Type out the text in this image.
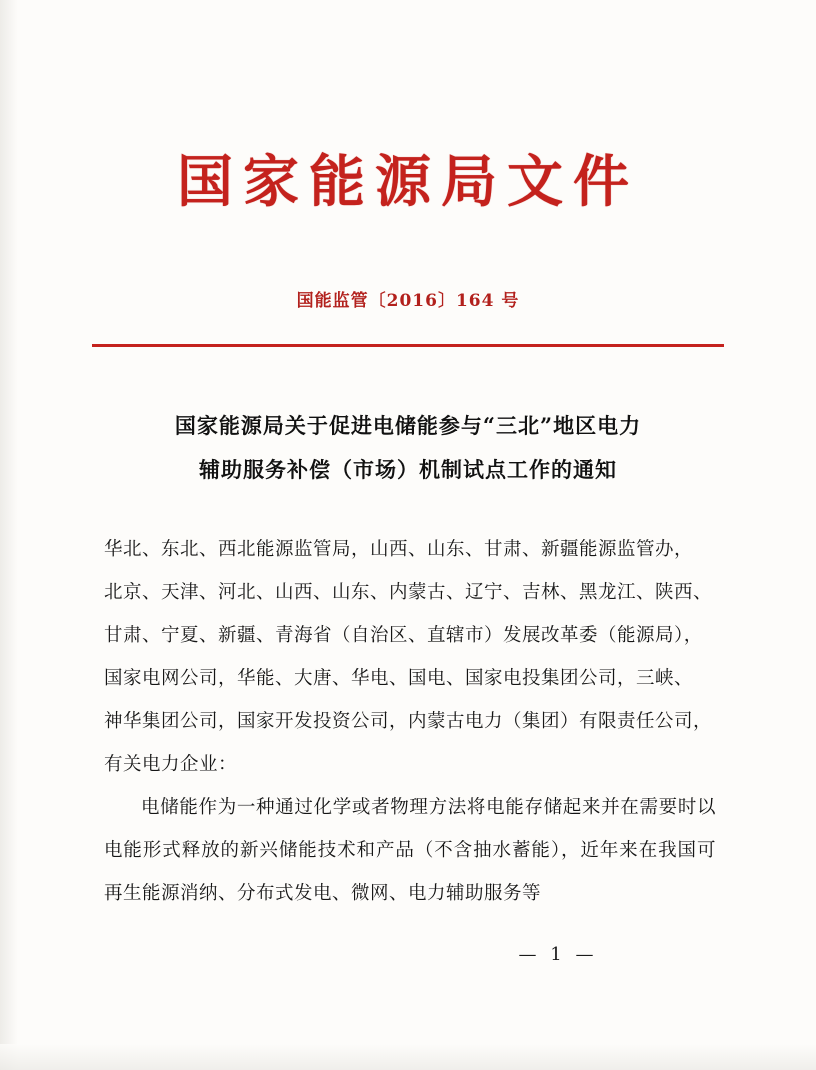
国家能源局文件
国能监管〔2016〕164 号
国家能源局关于促进电储能参与“三北”地区电力
辅助服务补偿（市场）机制试点工作的通知

华北、东北、西北能源监管局，山西、山东、甘肃、新疆能源监管办，

北京、天津、河北、山西、山东、内蒙古、辽宁、吉林、黑龙江、陕西、

甘肃、宁夏、新疆、青海省（自治区、直辖市）发展改革委（能源局），

国家电网公司，华能、大唐、华电、国电、国家电投集团公司，三峡、

神华集团公司，国家开发投资公司，内蒙古电力（集团）有限责任公司，

有关电力企业：

电储能作为一种通过化学或者物理方法将电能存储起来并在需要时以电能形式释放的新兴储能技术和产品（不含抽水蓄能），近年来在我国可再生能源消纳、分布式发电、微网、电力辅助服务等

— 1 —
